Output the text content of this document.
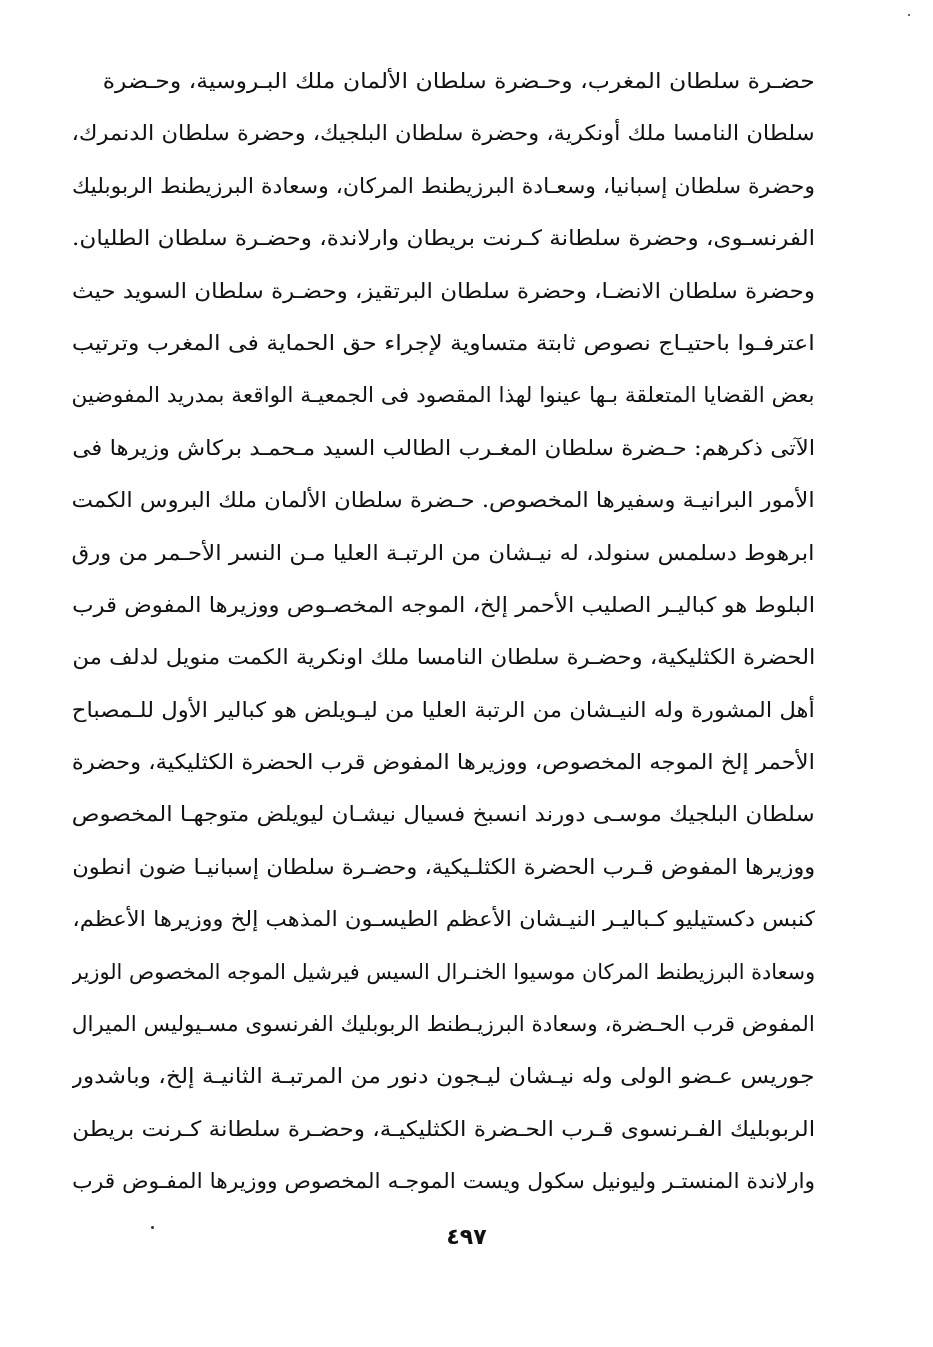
حضـرة سلطان المغرب، وحـضرة سلطان الألمان ملك البـروسية، وحـضرة
سلطان النامسا ملك أونكرية، وحضرة سلطان البلجيك، وحضرة سلطان الدنمرك،
وحضرة سلطان إسبانيا، وسعـادة البرزيطنط المركان، وسعادة البرزيطنط الربوبليك
الفرنسـوى، وحضرة سلطانة كـرنت بريطان وارلاندة، وحضـرة سلطان الطليان.
وحضرة سلطان الانضـا، وحضرة سلطان البرتقيز، وحضـرة سلطان السويد حيث
اعترفـوا باحتيـاج نصوص ثابتة متساوية لإجراء حق الحماية فى المغرب وترتيب
بعض القضايا المتعلقة بـها عينوا لهذا المقصود فى الجمعيـة الواقعة بمدريد المفوضين
الآتى ذكرهم: حـضرة سلطان المغـرب الطالب السيد مـحمـد بركاش وزيرها فى
الأمور البرانيـة وسفيرها المخصوص. حـضرة سلطان الألمان ملك البروس الكمت
ابرهوط دسلمس سنولد، له نيـشان من الرتبـة العليا مـن النسر الأحـمر من ورق
البلوط هو كباليـر الصليب الأحمر إلخ، الموجه المخصـوص ووزيرها المفوض قرب
الحضرة الكثليكية، وحضـرة سلطان النامسا ملك اونكرية الكمت منويل لدلف من
أهل المشورة وله النيـشان من الرتبة العليا من ليـويلض هو كبالير الأول للـمصباح
الأحمر إلخ الموجه المخصوص، ووزيرها المفوض قرب الحضرة الكثليكية، وحضرة
سلطان البلجيك موسـى دورند انسبخ فسيال نيشـان ليويلض متوجهـا المخصوص
ووزيرها المفوض قـرب الحضرة الكثلـيكية، وحضـرة سلطان إسبانيـا ضون انطون
كنبس دكستيليو كـباليـر النيـشان الأعظم الطيسـون المذهب إلخ ووزيرها الأعظم،
وسعادة البرزيطنط المركان موسيوا الخنـرال السيس فيرشيل الموجه المخصوص الوزير
المفوض قرب الحـضرة، وسعادة البرزيـطنط الربوبليك الفرنسوى مسـيوليس الميرال
جوريس عـضو الولى وله نيـشان ليـجون دنور من المرتبـة الثانيـة إلخ، وباشدور
الربوبليك الفـرنسوى قـرب الحـضرة الكثليكيـة، وحضـرة سلطانة كـرنت بريطن
وارلاندة المنستـر وليونيل سكول ويست الموجـه المخصوص ووزيرها المفـوض قرب
٤٩٧
